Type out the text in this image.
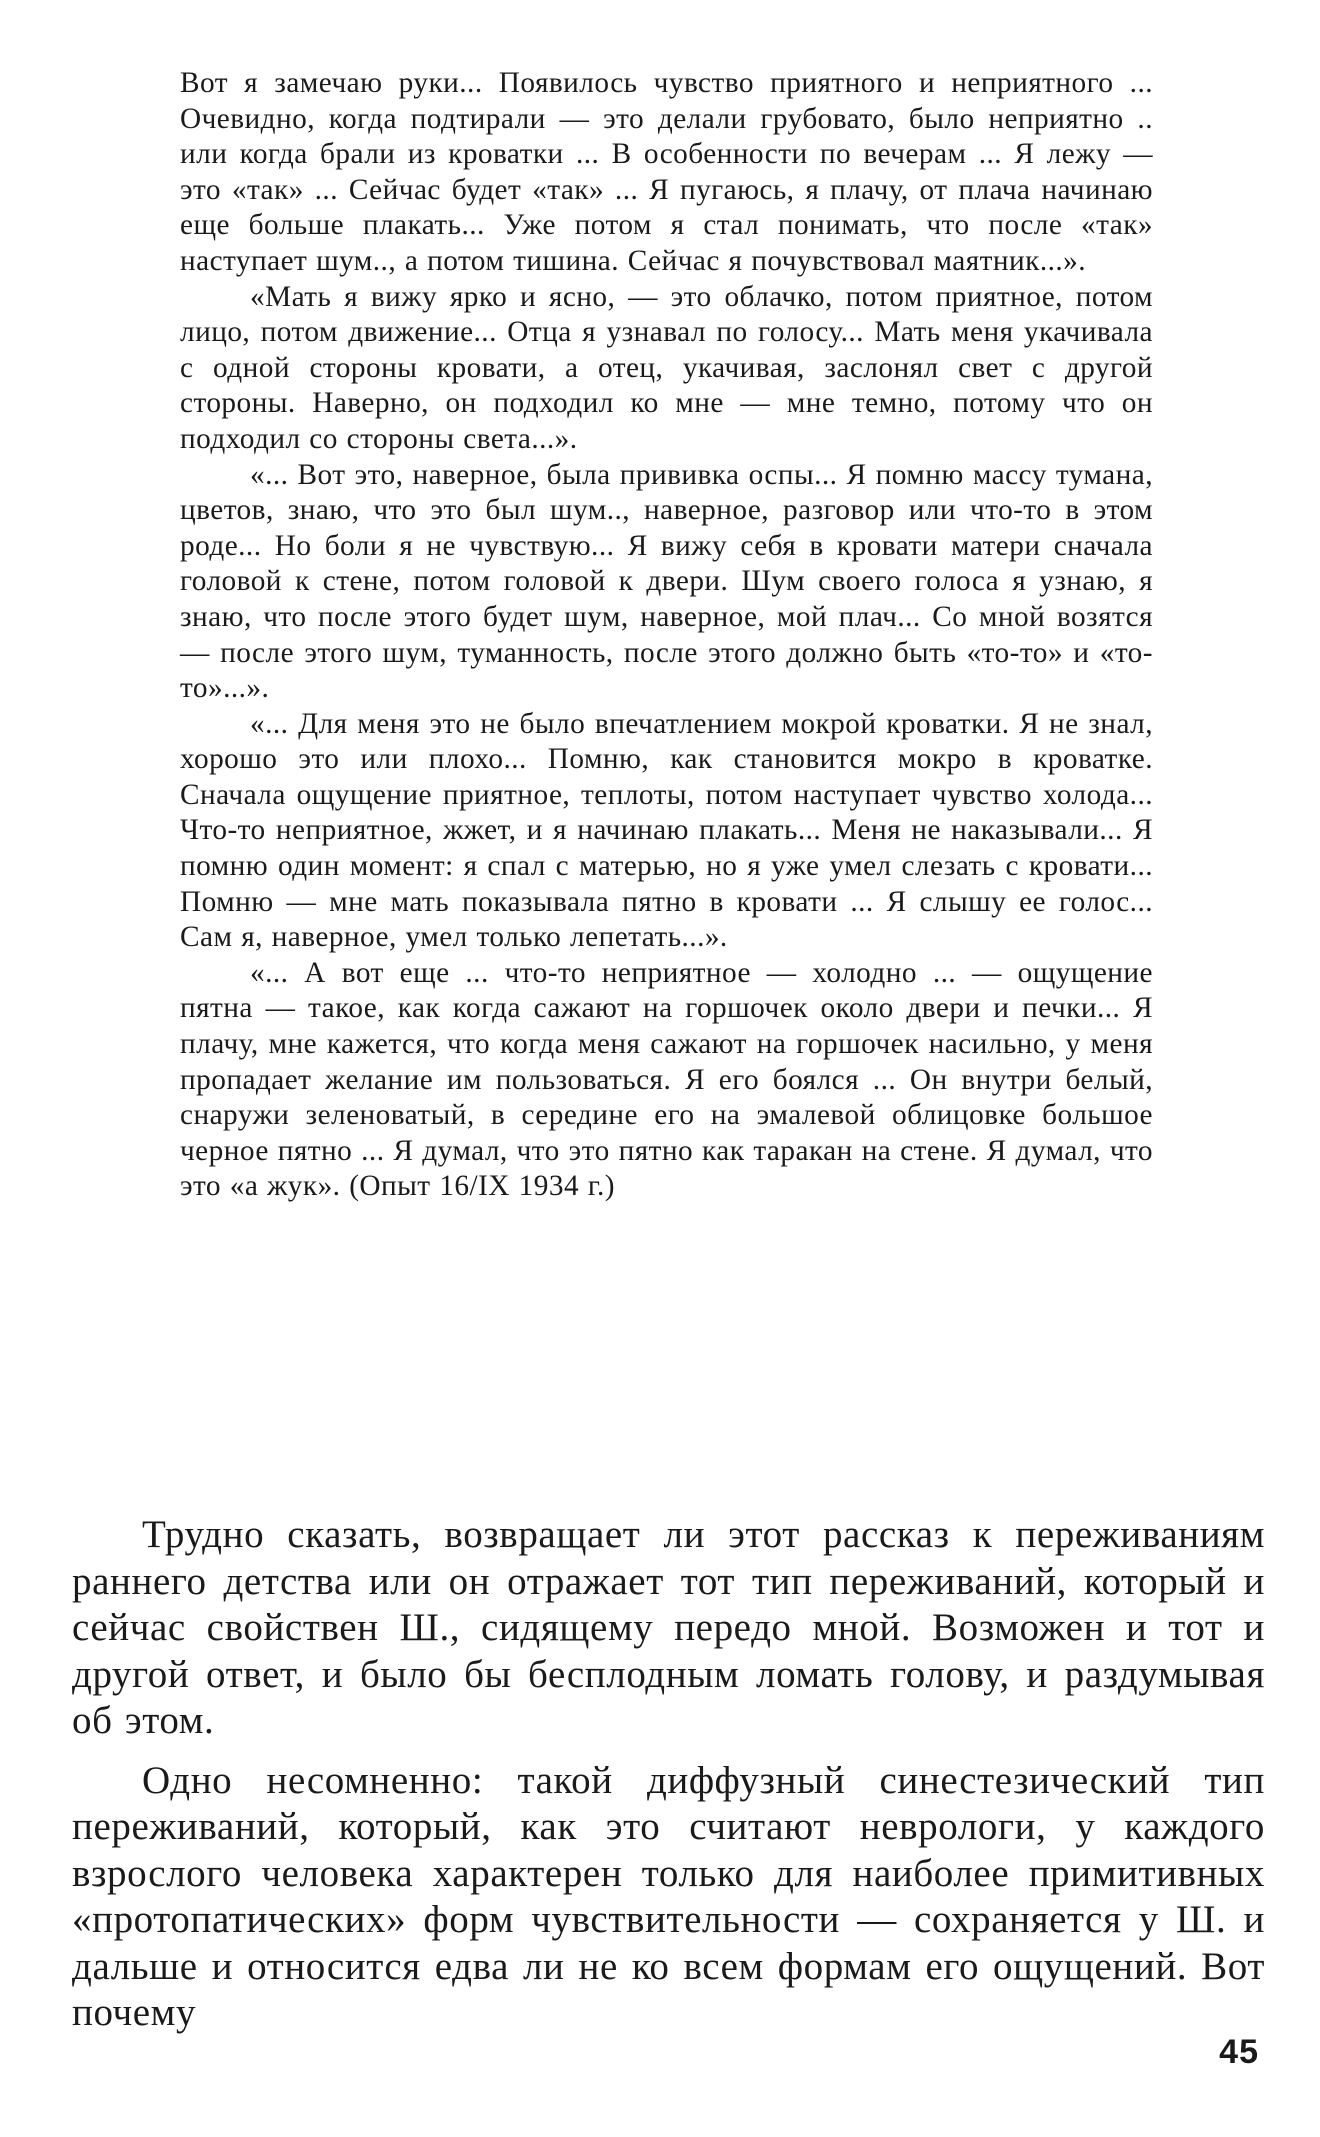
Вот я замечаю руки... Появилось чувство приятного и неприятного ... Очевидно, когда подтирали — это делали грубовато, было неприятно .. или когда брали из кроватки ... В особенности по вечерам ... Я лежу — это «так» ... Сейчас будет «так» ... Я пугаюсь, я плачу, от плача начинаю еще больше плакать... Уже потом я стал понимать, что после «так» наступает шум.., а потом тишина. Сейчас я почувствовал маятник...».

«Мать я вижу ярко и ясно, — это облачко, потом приятное, потом лицо, потом движение... Отца я узнавал по голосу... Мать меня укачивала с одной стороны кровати, а отец, укачивая, заслонял свет с другой стороны. Наверно, он подходил ко мне — мне темно, потому что он подходил со стороны света...».

«... Вот это, наверное, была прививка оспы... Я помню массу тумана, цветов, знаю, что это был шум.., наверное, разговор или что-то в этом роде... Но боли я не чувствую... Я вижу себя в кровати матери сначала головой к стене, потом головой к двери. Шум своего голоса я узнаю, я знаю, что после этого будет шум, наверное, мой плач... Со мной возятся — после этого шум, туманность, после этого должно быть «то-то» и «то-то»...».

«... Для меня это не было впечатлением мокрой кроватки. Я не знал, хорошо это или плохо... Помню, как становится мокро в кроватке. Сначала ощущение приятное, теплоты, потом наступает чувство холода... Что-то неприятное, жжет, и я начинаю плакать... Меня не наказывали... Я помню один момент: я спал с матерью, но я уже умел слезать с кровати... Помню — мне мать показывала пятно в кровати ... Я слышу ее голос... Сам я, наверное, умел только лепетать...».

«... А вот еще ... что-то неприятное — холодно ... — ощущение пятна — такое, как когда сажают на горшочек около двери и печки... Я плачу, мне кажется, что когда меня сажают на горшочек насильно, у меня пропадает желание им пользоваться. Я его боялся ... Он внутри белый, снаружи зеленоватый, в середине его на эмалевой облицовке большое черное пятно ... Я думал, что это пятно как таракан на стене. Я думал, что это «а жук». (Опыт 16/IX 1934 г.)

Трудно сказать, возвращает ли этот рассказ к переживаниям раннего детства или он отражает тот тип переживаний, который и сейчас свойствен Ш., сидящему передо мной. Возможен и тот и другой ответ, и было бы бесплодным ломать голову, и раздумывая об этом.

Одно несомненно: такой диффузный синестезический тип переживаний, который, как это считают неврологи, у каждого взрослого человека характерен только для наиболее примитивных «протопатических» форм чувствительности — сохраняется у Ш. и дальше и относится едва ли не ко всем формам его ощущений. Вот почему

45
